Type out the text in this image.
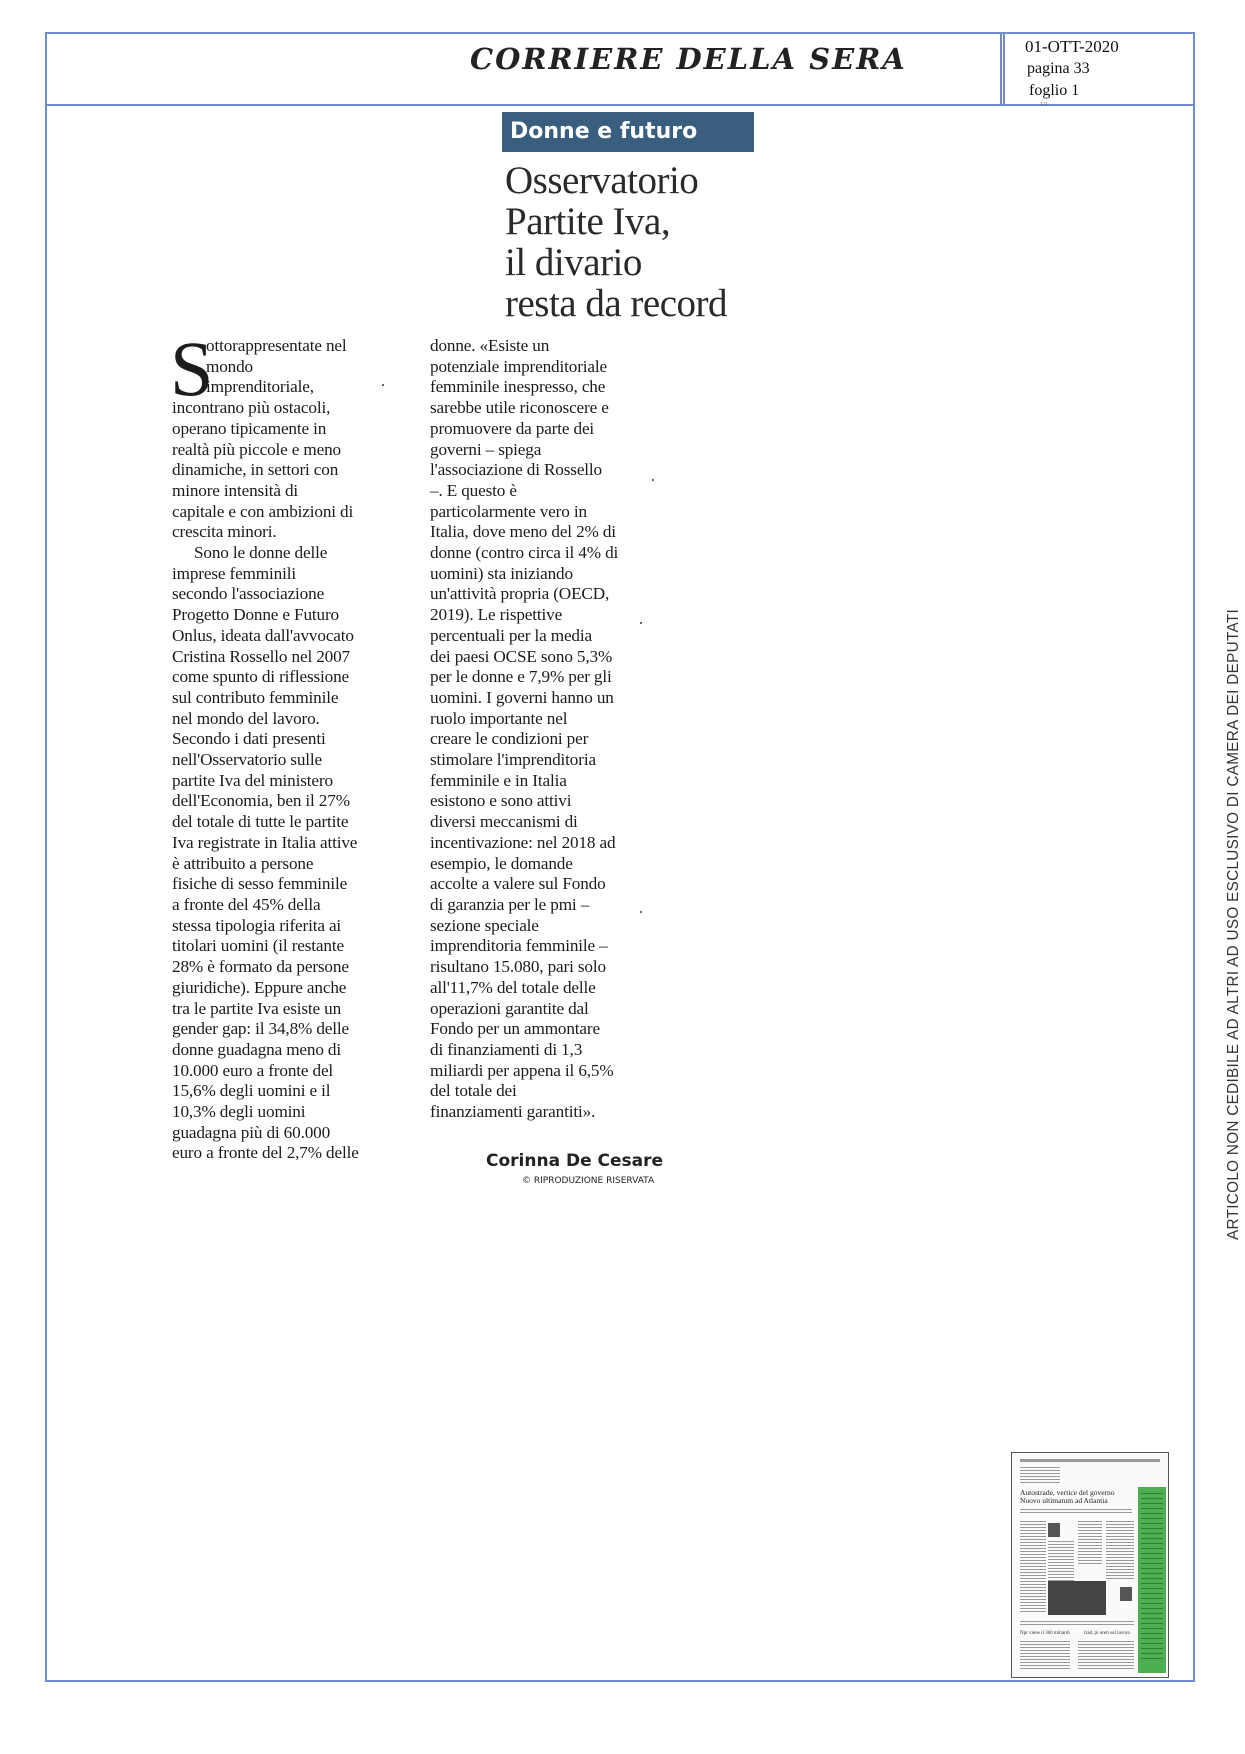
CORRIERE DELLA SERA	01-OTT-2020
pagina 33
foglio 1
1/1
Donne e futuro
Osservatorio
Partite Iva,
il divario
resta da record
S
ottorappresentate nel
mondo
imprenditoriale,
incontrano più ostacoli,
operano tipicamente in
realtà più piccole e meno
dinamiche, in settori con
minore intensità di
capitale e con ambizioni di
crescita minori.
Sono le donne delle
imprese femminili
secondo l'associazione
Progetto Donne e Futuro
Onlus, ideata dall'avvocato
Cristina Rossello nel 2007
come spunto di riflessione
sul contributo femminile
nel mondo del lavoro.
Secondo i dati presenti
nell'Osservatorio sulle
partite Iva del ministero
dell'Economia, ben il 27%
del totale di tutte le partite
Iva registrate in Italia attive
è attribuito a persone
fisiche di sesso femminile
a fronte del 45% della
stessa tipologia riferita ai
titolari uomini (il restante
28% è formato da persone
giuridiche). Eppure anche
tra le partite Iva esiste un
gender gap: il 34,8% delle
donne guadagna meno di
10.000 euro a fronte del
15,6% degli uomini e il
10,3% degli uomini
guadagna più di 60.000
euro a fronte del 2,7% delle
donne. «Esiste un
potenziale imprenditoriale
femminile inespresso, che
sarebbe utile riconoscere e
promuovere da parte dei
governi – spiega
l'associazione di Rossello
–. E questo è
particolarmente vero in
Italia, dove meno del 2% di
donne (contro circa il 4% di
uomini) sta iniziando
un'attività propria (OECD,
2019). Le rispettive
percentuali per la media
dei paesi OCSE sono 5,3%
per le donne e 7,9% per gli
uomini. I governi hanno un
ruolo importante nel
creare le condizioni per
stimolare l'imprenditoria
femminile e in Italia
esistono e sono attivi
diversi meccanismi di
incentivazione: nel 2018 ad
esempio, le domande
accolte a valere sul Fondo
di garanzia per le pmi –
sezione speciale
imprenditoria femminile –
risultano 15.080, pari solo
all'11,7% del totale delle
operazioni garantite dal
Fondo per un ammontare
di finanziamenti di 1,3
miliardi per appena il 6,5%
del totale dei
finanziamenti garantiti».
Corinna De Cesare
© RIPRODUZIONE RISERVATA	ARTICOLO NON CEDIBILE AD ALTRI AD USO ESCLUSIVO DI CAMERA DEI DEPUTATI
Autostrade, vertice del governo
Nuovo ultimatum ad Atlantia
Npr viene il 360 miliardi	Irad, pi oreti sul lavoro
